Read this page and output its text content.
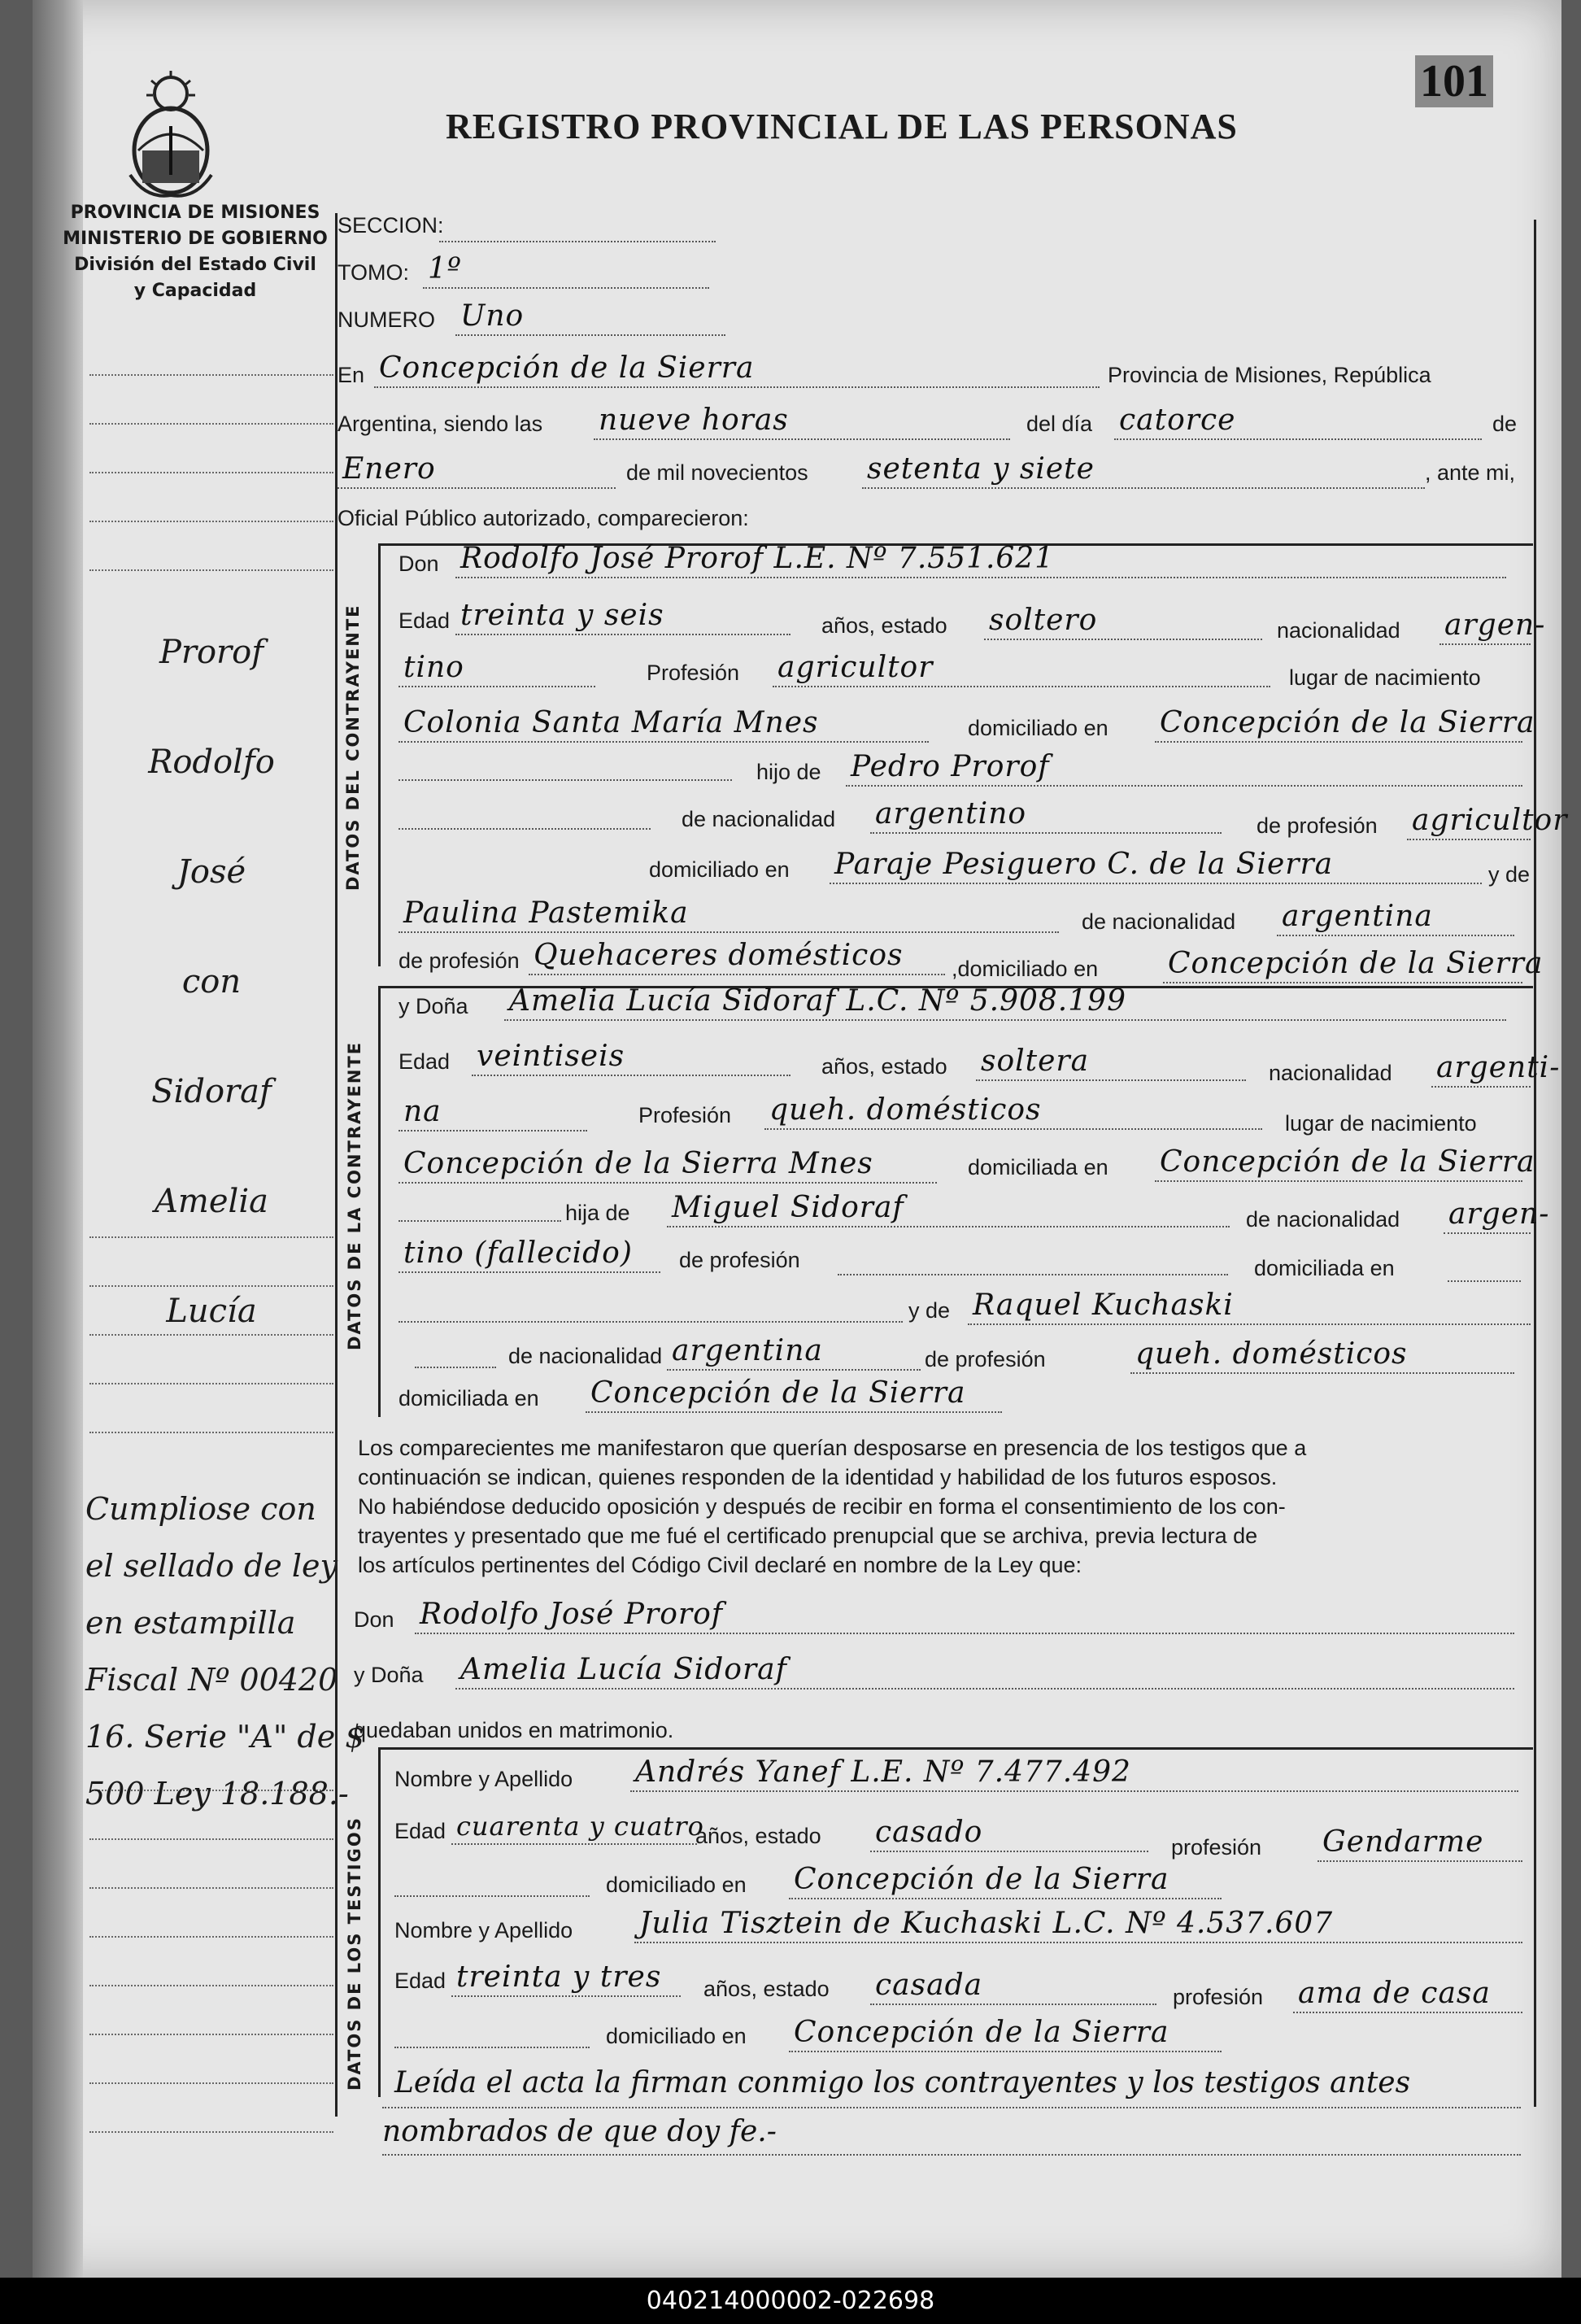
PROVINCIA DE MISIONES
MINISTERIO DE GOBIERNO
División del Estado Civil
y Capacidad
REGISTRO PROVINCIAL DE LAS PERSONAS
101
Prorof
Rodolfo
José
con
Sidoraf
Amelia
Lucía
Cumpliose con
el sellado de ley
en estampilla
Fiscal Nº 00420
16. Serie "A" de $
500 Ley 18.188.-
SECCION:
TOMO: 1º
NUMERO Uno
En Concepción de la Sierra	Provincia de Misiones, República
Argentina, siendo las nueve horas	del día catorce	de
Enero	de mil novecientos setenta y siete	, ante mi,
Oficial Público autorizado, comparecieron:
DATOS DEL CONTRAYENTE
Don Rodolfo José Prorof L.E. Nº 7.551.621
Edad treinta y seis	años, estado soltero	nacionalidad argen-
tino	Profesión agricultor	lugar de nacimiento
Colonia Santa María Mnes	domiciliado en Concepción de la Sierra
hijo de Pedro Prorof
de nacionalidad argentino	de profesión agricultor
domiciliado en Paraje Pesiguero C. de la Sierra	y de
Paulina Pastemika	de nacionalidad argentina
de profesión Quehaceres domésticos	,domiciliado en Concepción de la Sierra
DATOS DE LA CONTRAYENTE
y Doña Amelia Lucía Sidoraf L.C. Nº 5.908.199
Edad veintiseis	años, estado soltera	nacionalidad argenti-
na	Profesión queh. domésticos	lugar de nacimiento
Concepción de la Sierra Mnes	domiciliada en Concepción de la Sierra
hija de Miguel Sidoraf	de nacionalidad argen-
tino (fallecido)	de profesión	domiciliada en
y de Raquel Kuchaski
de nacionalidad argentina	de profesión	queh. domésticos
domiciliada en Concepción de la Sierra
Los comparecientes me manifestaron que querían desposarse en presencia de los testigos que a
continuación se indican, quienes responden de la identidad y habilidad de los futuros esposos.
No habiéndose deducido oposición y después de recibir en forma el consentimiento de los con-
trayentes y presentado que me fué el certificado prenupcial que se archiva, previa lectura de
los artículos pertinentes del Código Civil declaré en nombre de la Ley que:
Don Rodolfo José Prorof
y Doña Amelia Lucía Sidoraf
quedaban unidos en matrimonio.
DATOS DE LOS TESTIGOS
Nombre y Apellido Andrés Yanef L.E. Nº 7.477.492
Edad cuarenta y cuatro
años, estado casado	profesión Gendarme
domiciliado en Concepción de la Sierra
Nombre y Apellido Julia Tisztein de Kuchaski L.C. Nº 4.537.607
Edad treinta y tres	años, estado casada	profesión ama de casa
domiciliado en Concepción de la Sierra
Leída el acta la firman conmigo los contrayentes y los testigos antes
nombrados de que doy fe.-
040214000002-022698
